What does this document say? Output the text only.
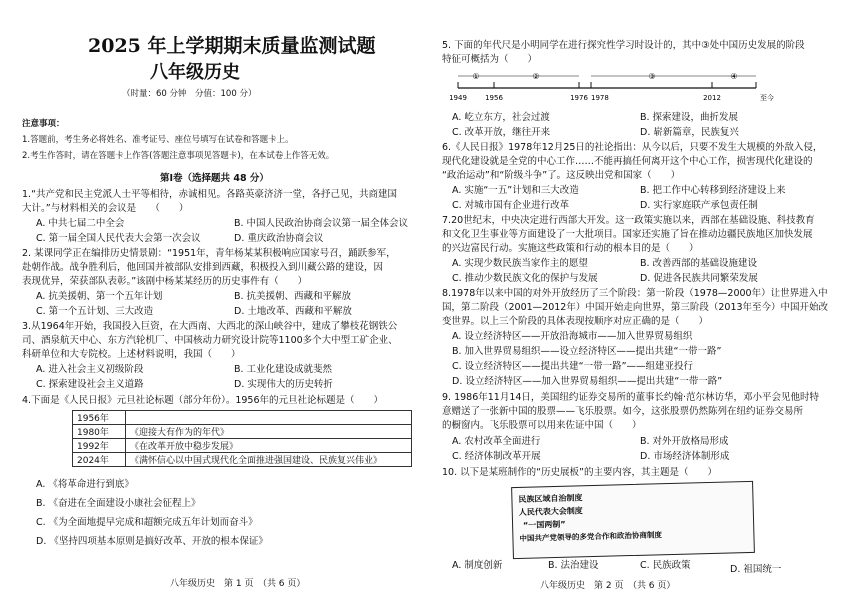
2025 年上学期期末质量监测试题
八年级历史
（时量：60 分钟　分值：100 分）
注意事项：
1.答题前，考生务必将姓名、准考证号、座位号填写在试卷和答题卡上。
2.考生作答时，请在答题卡上作答(答题注意事项见答题卡)，在本试卷上作答无效。
第Ⅰ卷（选择题共 48 分）
1.“共产党和民主党派人士平等相待，赤诚相见。各路英豪济济一堂，各抒己见，共商建国
大计。”与材料相关的会议是　　（　　）
A. 中共七届二中全会	B. 中国人民政治协商会议第一届全体会议
C. 第一届全国人民代表大会第一次会议	D. 重庆政治协商会议
2. 某课同学正在编排历史情景剧：“1951年，青年杨某某积极响应国家号召，踊跃参军，
赴朝作战。战争胜利后，他回国并被部队安排到西藏，积极投入到川藏公路的建设，因
表现优异，荣获部队表彰。”该剧中杨某某经历的历史事件有（　　）
A. 抗美援朝、第一个五年计划	B. 抗美援朝、西藏和平解放
C. 第一个五计划、三大改造	D. 土地改革、西藏和平解放
3.从1964年开始，我国投入巨资，在大西南、大西北的深山峡谷中，建成了攀枝花钢铁公
司、酒泉航天中心、东方汽轮机厂、中国核动力研究设计院等1100多个大中型工矿企业、
科研单位和大专院校。上述材料说明，我国（　　）
A. 进入社会主义初级阶段	B. 工业化建设成就斐然
C. 探索建设社会主义道路	D. 实现伟大的历史转折
4.下面是《人民日报》元旦社论标题（部分年份）。1956年的元旦社论标题是（　　）
1956年	
1980年	《迎接大有作为的年代》
1992年	《在改革开放中稳步发展》
2024年	《满怀信心以中国式现代化全面推进强国建设、民族复兴伟业》
A. 《将革命进行到底》
B. 《奋进在全面建设小康社会征程上》
C. 《为全面地提早完成和超额完成五年计划而奋斗》
D. 《坚持四项基本原则是搞好改革、开放的根本保证》
八年级历史　第 1 页　（共 6 页）
5. 下面的年代尺是小明同学在进行探究性学习时设计的，其中③处中国历史发展的阶段
特征可概括为（　　）
①	②	③	④
1949	1956	1976 1978	2012	至今
A. 屹立东方，社会过渡	B. 探索建设，曲折发展
C. 改革开放，继往开来	D. 崭新篇章，民族复兴
6.《人民日报》1978年12月25日的社论指出：从今以后，只要不发生大规模的外敌入侵，
现代化建设就是全党的中心工作……不能再搞任何离开这个中心工作，损害现代化建设的
“政治运动”和“阶级斗争”了。这反映出党和国家（　　）
A. 实施“一五”计划和三大改造	B. 把工作中心转移到经济建设上来
C. 对城市国有企业进行改革	D. 实行家庭联产承包责任制
7.20世纪末，中央决定进行西部大开发。这一政策实施以来，西部在基础设施、科技教育
和文化卫生事业等方面建设了一大批项目。国家还实施了旨在推动边疆民族地区加快发展
的兴边富民行动。实施这些政策和行动的根本目的是（　　）
A. 实现少数民族当家作主的愿望	B. 改善西部的基础设施建设
C. 推动少数民族文化的保护与发展	D. 促进各民族共同繁荣发展
8.1978年以来中国的对外开放经历了三个阶段：第一阶段（1978—2000年）让世界进入中
国，第二阶段（2001—2012年）中国开始走向世界，第三阶段（2013年至今）中国开始改
变世界。以上三个阶段的具体表现按顺序对应正确的是（　　）
A. 设立经济特区——开放沿海城市——加入世界贸易组织
B. 加入世界贸易组织——设立经济特区——提出共建“一带一路”
C. 设立经济特区——提出共建“一带一路”——组建亚投行
D. 设立经济特区——加入世界贸易组织——提出共建“一带一路”
9. 1986年11月14日，美国纽约证券交易所的董事长约翰·范尔林访华，邓小平会见他时特
意赠送了一张新中国的股票——飞乐股票。如今，这张股票仍然陈列在纽约证券交易所
的橱窗内。飞乐股票可以用来佐证中国（　　）
A. 农村改革全面进行	B. 对外开放格局形成
C. 经济体制改革开展	D. 市场经济体制形成
10. 以下是某班制作的“历史展板”的主要内容，其主题是（　　）
民族区域自治制度
人民代表大会制度
“一国两制”
中国共产党领导的多党合作和政治协商制度
A. 制度创新	B. 法治建设	C. 民族政策	D. 祖国统一
八年级历史　第 2 页　（共 6 页）
